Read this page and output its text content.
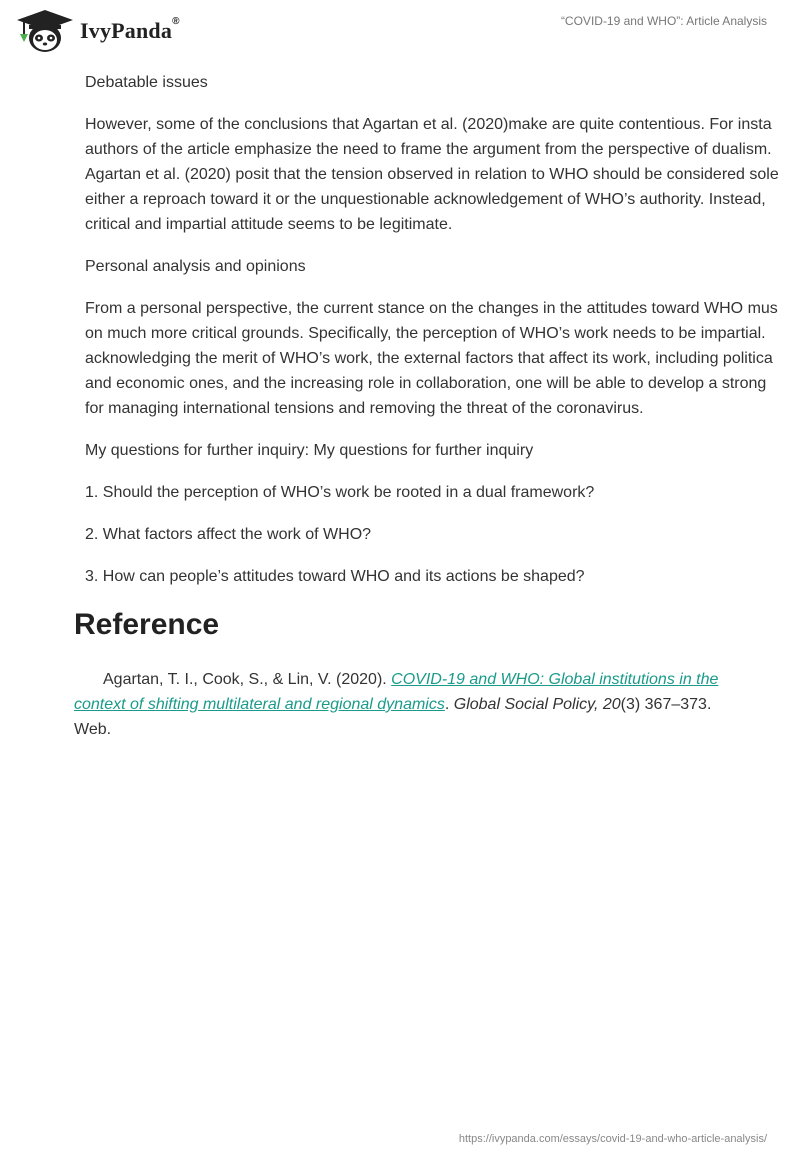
IvyPanda®	“COVID-19 and WHO”: Article Analysis

Debatable issues

However, some of the conclusions that Agartan et al. (2020)make are quite contentious. For insta
authors of the article emphasize the need to frame the argument from the perspective of dualism.
Agartan et al. (2020) posit that the tension observed in relation to WHO should be considered sole
either a reproach toward it or the unquestionable acknowledgement of WHO’s authority. Instead,
critical and impartial attitude seems to be legitimate.

Personal analysis and opinions

From a personal perspective, the current stance on the changes in the attitudes toward WHO mus
on much more critical grounds. Specifically, the perception of WHO’s work needs to be impartial.
acknowledging the merit of WHO’s work, the external factors that affect its work, including politica
and economic ones, and the increasing role in collaboration, one will be able to develop a strong
for managing international tensions and removing the threat of the coronavirus.

My questions for further inquiry: My questions for further inquiry

1. Should the perception of WHO’s work be rooted in a dual framework?

2. What factors affect the work of WHO?

3. How can people’s attitudes toward WHO and its actions be shaped?

Reference

Agartan, T. I., Cook, S., & Lin, V. (2020). COVID-19 and WHO: Global institutions in the context of shifting multilateral and regional dynamics. Global Social Policy, 20(3) 367–373. Web.

https://ivypanda.com/essays/covid-19-and-who-article-analysis/
